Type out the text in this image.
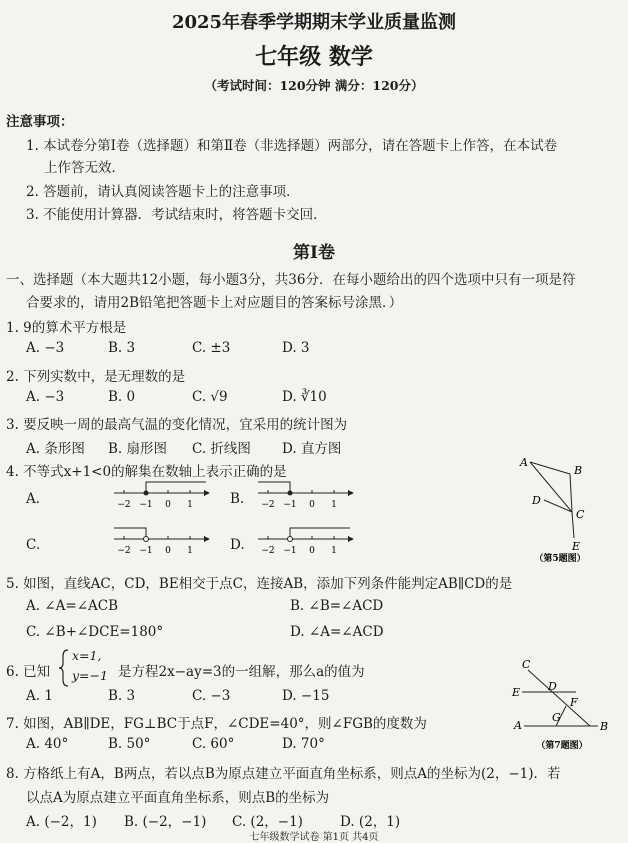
2025年春季学期期末学业质量监测
七年级 数学
（考试时间：120分钟 满分：120分）
注意事项：
1. 本试卷分第Ⅰ卷（选择题）和第Ⅱ卷（非选择题）两部分，请在答题卡上作答，在本试卷
上作答无效．
2. 答题前，请认真阅读答题卡上的注意事项．
3. 不能使用计算器．考试结束时，将答题卡交回．
第Ⅰ卷
一、选择题（本大题共12小题，每小题3分，共36分．在每小题给出的四个选项中只有一项是符
合要求的，请用2B铅笔把答题卡上对应题目的答案标号涂黑．）
1. 9的算术平方根是
A. −3	B. 3	C. ±3	D. 3
2. 下列实数中，是无理数的是
A. −3	B. 0	C. √9	D. ∛10
3. 要反映一周的最高气温的变化情况，宜采用的统计图为
A. 条形图 B. 扇形图 C. 折线图 D. 直方图
4. 不等式x+1<0的解集在数轴上表示正确的是
A.	−2 −1 0 1	B. −2 −1 0 1
C.	−2 −1 0 1	D. −2 −1 0 1
A
B
D
C
E
（第5题图）
5. 如图，直线AC，CD，BE相交于点C，连接AB，添加下列条件能判定AB∥CD的是
A. ∠A=∠ACB	B. ∠B=∠ACD
C. ∠B+∠DCE=180°	D. ∠A=∠ACD
6. 已知
x=1,
y=−1 是方程2x−ay=3的一组解，那么a的值为
A. 1	B. 3	C. −3	D. −15
C
D
E
F
A
G
B
（第7题图）
7. 如图，AB∥DE，FG⊥BC于点F，∠CDE=40°，则∠FGB的度数为
A. 40°	B. 50°	C. 60°	D. 70°
8. 方格纸上有A，B两点，若以点B为原点建立平面直角坐标系，则点A的坐标为(2，−1)．若
以点A为原点建立平面直角坐标系，则点B的坐标为
A. (−2，1) B. (−2，−1) C. (2，−1)	D. (2，1)
七年级数学试卷 第1页 共4页
